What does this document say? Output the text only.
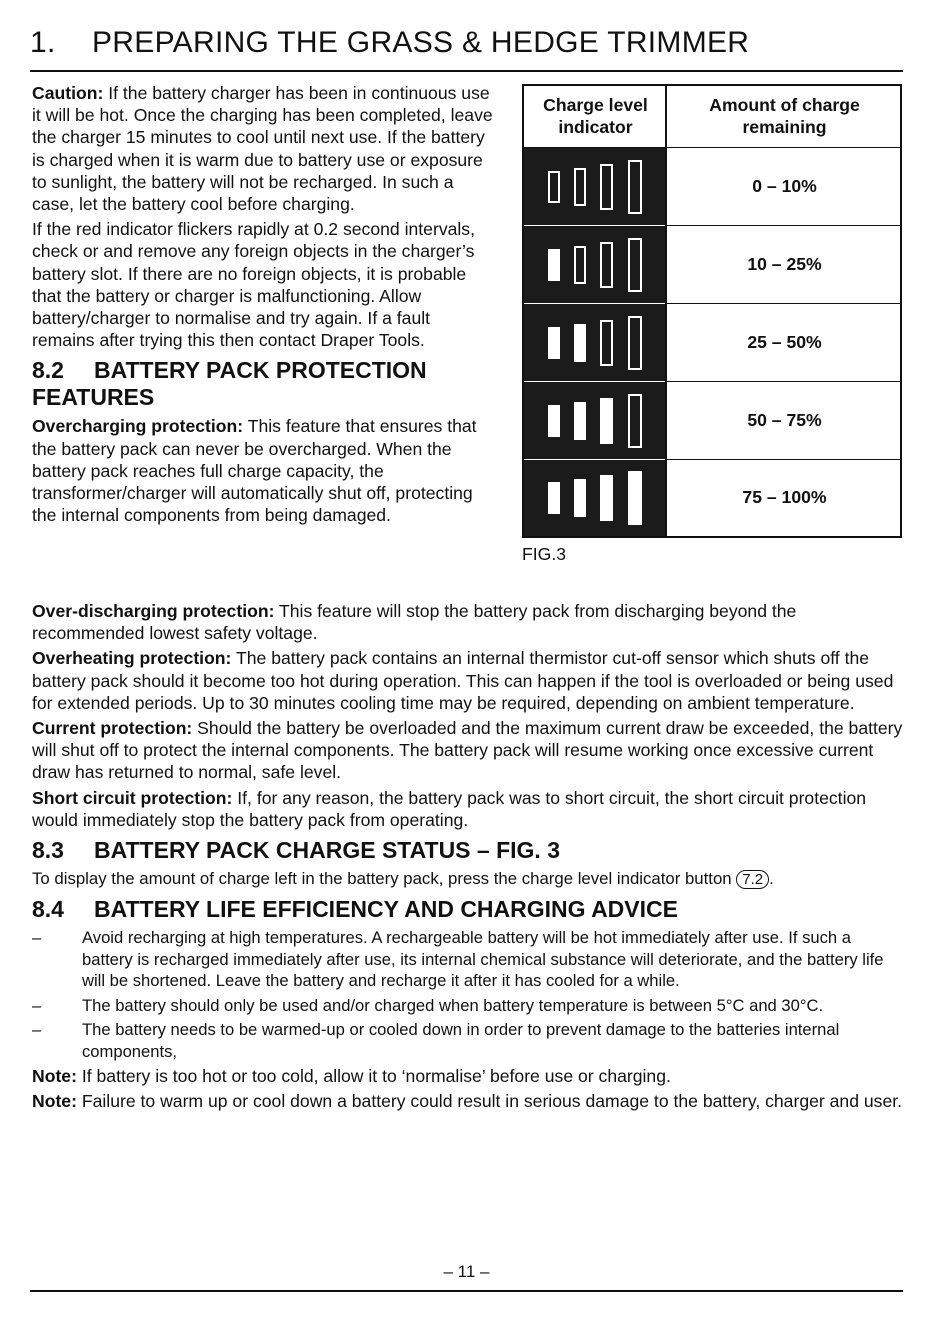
1. PREPARING THE GRASS & HEDGE TRIMMER

Caution: If the battery charger has been in continuous use it will be hot. Once the charging has been completed, leave the charger 15 minutes to cool until next use. If the battery is charged when it is warm due to battery use or exposure to sunlight, the battery will not be recharged. In such a case, let the battery cool before charging.

If the red indicator flickers rapidly at 0.2 second intervals, check or and remove any foreign objects in the charger’s battery slot. If there are no foreign objects, it is probable that the battery or charger is malfunctioning. Allow battery/charger to normalise and try again. If a fault remains after trying this then contact Draper Tools.

8.2 BATTERY PACK PROTECTION
FEATURES

Overcharging protection: This feature that ensures that the battery pack can never be overcharged. When the battery pack reaches full charge capacity, the transformer/charger will automatically shut off, protecting the internal components from being damaged.

Charge level indicator
Amount of charge remaining
0 – 10%
10 – 25%
25 – 50%
50 – 75%
75 – 100%
FIG.3

Over-discharging protection: This feature will stop the battery pack from discharging beyond the recommended lowest safety voltage.

Overheating protection: The battery pack contains an internal thermistor cut-off sensor which shuts off the battery pack should it become too hot during operation. This can happen if the tool is overloaded or being used for extended periods. Up to 30 minutes cooling time may be required, depending on ambient temperature.

Current protection: Should the battery be overloaded and the maximum current draw be exceeded, the battery will shut off to protect the internal components. The battery pack will resume working once excessive current draw has returned to normal, safe level.

Short circuit protection: If, for any reason, the battery pack was to short circuit, the short circuit protection would immediately stop the battery pack from operating.

8.3 BATTERY PACK CHARGE STATUS – FIG. 3

To display the amount of charge left in the battery pack, press the charge level indicator button 7.2 .

8.4 BATTERY LIFE EFFICIENCY AND CHARGING ADVICE
– Avoid recharging at high temperatures. A rechargeable battery will be hot immediately after use. If such a battery is recharged immediately after use, its internal chemical substance will deteriorate, and the battery life will be shortened. Leave the battery and recharge it after it has cooled for a while.
– The battery should only be used and/or charged when battery temperature is between 5°C and 30°C.
– The battery needs to be warmed-up or cooled down in order to prevent damage to the batteries internal components,

Note: If battery is too hot or too cold, allow it to ‘normalise’ before use or charging.

Note: Failure to warm up or cool down a battery could result in serious damage to the battery, charger and user.

– 11 –
